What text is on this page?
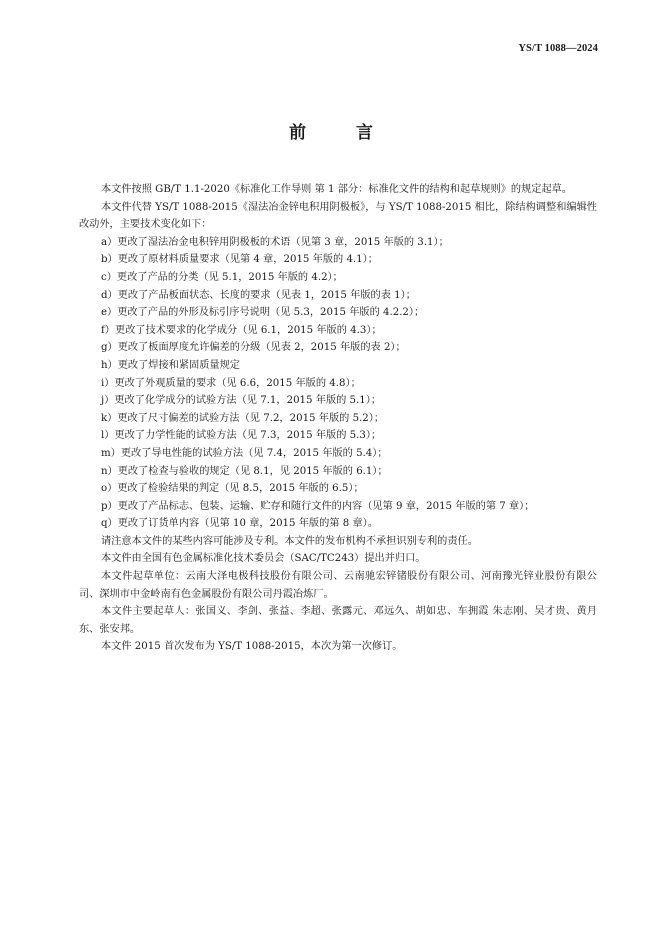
YS/T 1088—2024
前 言

本文件按照 GB/T 1.1-2020《标准化工作导则 第 1 部分：标准化文件的结构和起草规则》的规定起草。

本文件代替 YS/T 1088-2015《湿法冶金锌电积用阴极板》，与 YS/T 1088-2015 相比，除结构调整和编辑性改动外，主要技术变化如下：

a）更改了湿法冶金电积锌用阴极板的术语（见第 3 章，2015 年版的 3.1）；

b）更改了原材料质量要求（见第 4 章，2015 年版的 4.1）；

c）更改了产品的分类（见 5.1，2015 年版的 4.2）；

d）更改了产品板面状态、长度的要求（见表 1，2015 年版的表 1）；

e）更改了产品的外形及标引序号说明（见 5.3，2015 年版的 4.2.2）；

f）更改了技术要求的化学成分（见 6.1，2015 年版的 4.3）；

g）更改了板面厚度允许偏差的分级（见表 2，2015 年版的表 2）；

h）更改了焊接和紧固质量规定

i）更改了外观质量的要求（见 6.6，2015 年版的 4.8）；

j）更改了化学成分的试验方法（见 7.1，2015 年版的 5.1）；

k）更改了尺寸偏差的试验方法（见 7.2，2015 年版的 5.2）；

l）更改了力学性能的试验方法（见 7.3，2015 年版的 5.3）；

m）更改了导电性能的试验方法（见 7.4，2015 年版的 5.4）；

n）更改了检查与验收的规定（见 8.1，见 2015 年版的 6.1）；

o）更改了检验结果的判定（见 8.5，2015 年版的 6.5）；

p）更改了产品标志、包装、运输、贮存和随行文件的内容（见第 9 章，2015 年版的第 7 章）；

q）更改了订货单内容（见第 10 章，2015 年版的第 8 章）。

请注意本文件的某些内容可能涉及专利。本文件的发布机构不承担识别专利的责任。

本文件由全国有色金属标准化技术委员会（SAC/TC243）提出并归口。

本文件起草单位：云南大泽电极科技股份有限公司、云南驰宏锌锗股份有限公司、河南豫光锌业股份有限公司、深圳市中金岭南有色金属股份有限公司丹霞冶炼厂。

本文件主要起草人：张国义、李剑、张益、李超、张露元、邓远久、胡如忠、车拥霞 朱志刚、吴才贵、黄月东、张安邦。

本文件 2015 首次发布为 YS/T 1088-2015，本次为第一次修订。
